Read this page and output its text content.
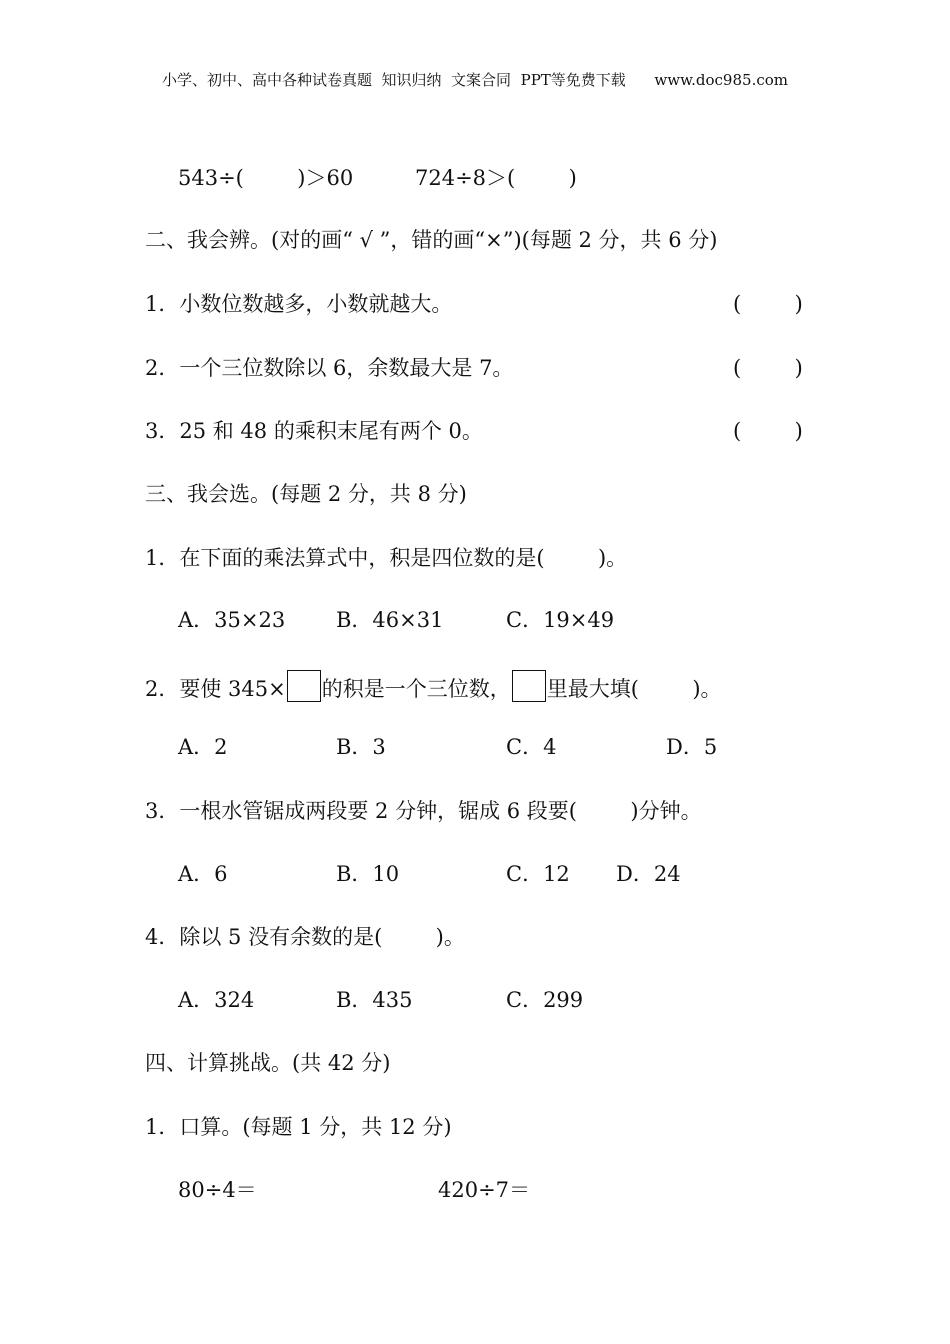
小学、初中、高中各种试卷真题  知识归纳  文案合同  PPT等免费下载      www.doc985.com
543÷(        )＞60	724÷8＞(        )
二、我会辨。(对的画“ √ ”，错的画“×”)(每题 2 分，共 6 分)
1．小数位数越多，小数就越大。	(        )
2．一个三位数除以 6，余数最大是 7。	(        )
3．25 和 48 的乘积末尾有两个 0。	(        )
三、我会选。(每题 2 分，共 8 分)
1．在下面的乘法算式中，积是四位数的是(        )。
A．35×23 B．46×31	C．19×49
2．要使 345× 的积是一个三位数， 里最大填(        )。
A．2	B．3	C．4	D．5
3．一根水管锯成两段要 2 分钟，锯成 6 段要(        )分钟。
A．6	B．10	C．12 D．24
4．除以 5 没有余数的是(        )。
A．324	B．435	C．299
四、计算挑战。(共 42 分)
1．口算。(每题 1 分，共 12 分)
80÷4＝	420÷7＝
